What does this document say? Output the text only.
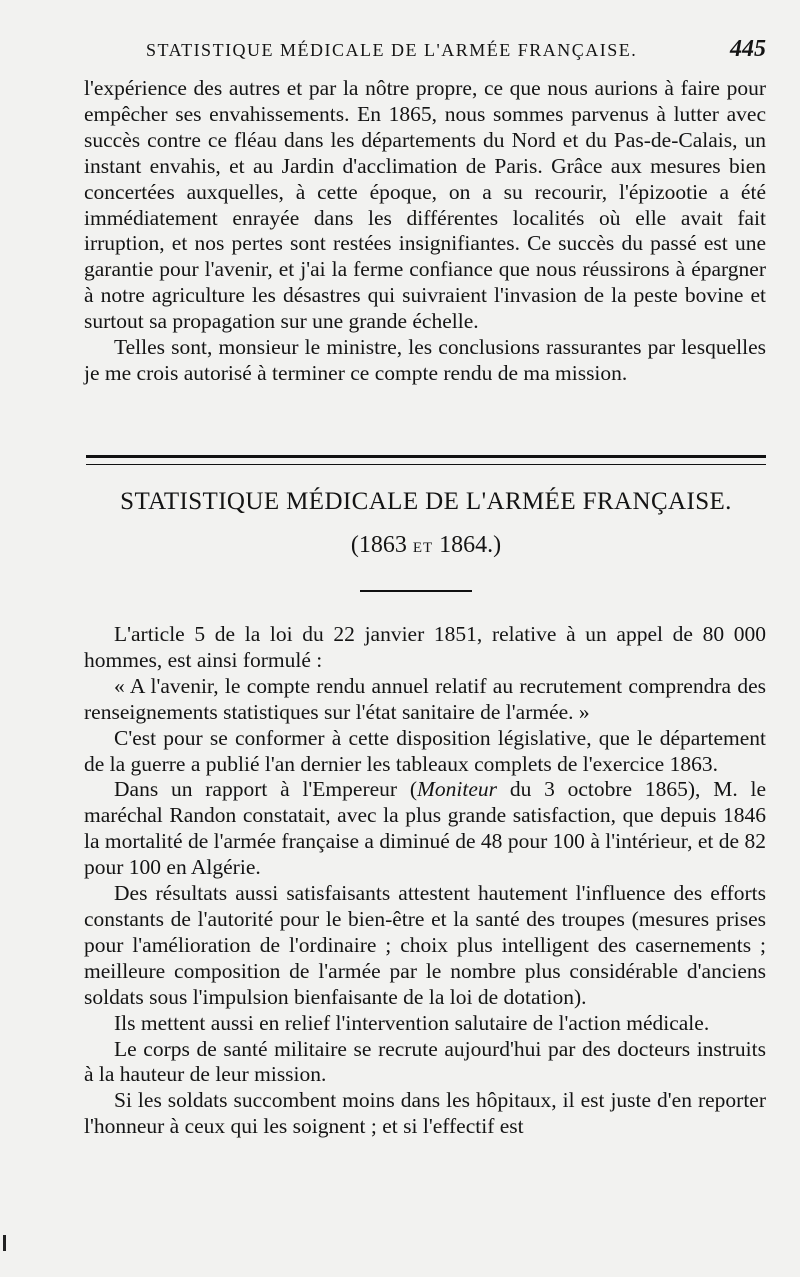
STATISTIQUE MÉDICALE DE L'ARMÉE FRANÇAISE.	445

l'expérience des autres et par la nôtre propre, ce que nous aurions à faire pour empêcher ses envahissements. En 1865, nous sommes parvenus à lutter avec succès contre ce fléau dans les départements du Nord et du Pas-de-Calais, un instant envahis, et au Jardin d'acclimation de Paris. Grâce aux mesures bien concertées auxquelles, à cette époque, on a su recourir, l'épizootie a été immédiatement enrayée dans les différentes localités où elle avait fait irruption, et nos pertes sont restées insignifiantes. Ce succès du passé est une garantie pour l'avenir, et j'ai la ferme confiance que nous réussirons à épargner à notre agriculture les désastres qui suivraient l'invasion de la peste bovine et surtout sa propagation sur une grande échelle.

Telles sont, monsieur le ministre, les conclusions rassurantes par lesquelles je me crois autorisé à terminer ce compte rendu de ma mission.

STATISTIQUE MÉDICALE DE L'ARMÉE FRANÇAISE.
(1863 ET 1864.)

L'article 5 de la loi du 22 janvier 1851, relative à un appel de 80 000 hommes, est ainsi formulé :

« A l'avenir, le compte rendu annuel relatif au recrutement comprendra des renseignements statistiques sur l'état sanitaire de l'armée. »

C'est pour se conformer à cette disposition législative, que le département de la guerre a publié l'an dernier les tableaux complets de l'exercice 1863.

Dans un rapport à l'Empereur (Moniteur du 3 octobre 1865), M. le maréchal Randon constatait, avec la plus grande satisfaction, que depuis 1846 la mortalité de l'armée française a diminué de 48 pour 100 à l'intérieur, et de 82 pour 100 en Algérie.

Des résultats aussi satisfaisants attestent hautement l'influence des efforts constants de l'autorité pour le bien-être et la santé des troupes (mesures prises pour l'amélioration de l'ordinaire ; choix plus intelligent des casernements ; meilleure composition de l'armée par le nombre plus considérable d'anciens soldats sous l'impulsion bienfaisante de la loi de dotation).

Ils mettent aussi en relief l'intervention salutaire de l'action médicale.

Le corps de santé militaire se recrute aujourd'hui par des docteurs instruits à la hauteur de leur mission.

Si les soldats succombent moins dans les hôpitaux, il est juste d'en reporter l'honneur à ceux qui les soignent ; et si l'effectif est
